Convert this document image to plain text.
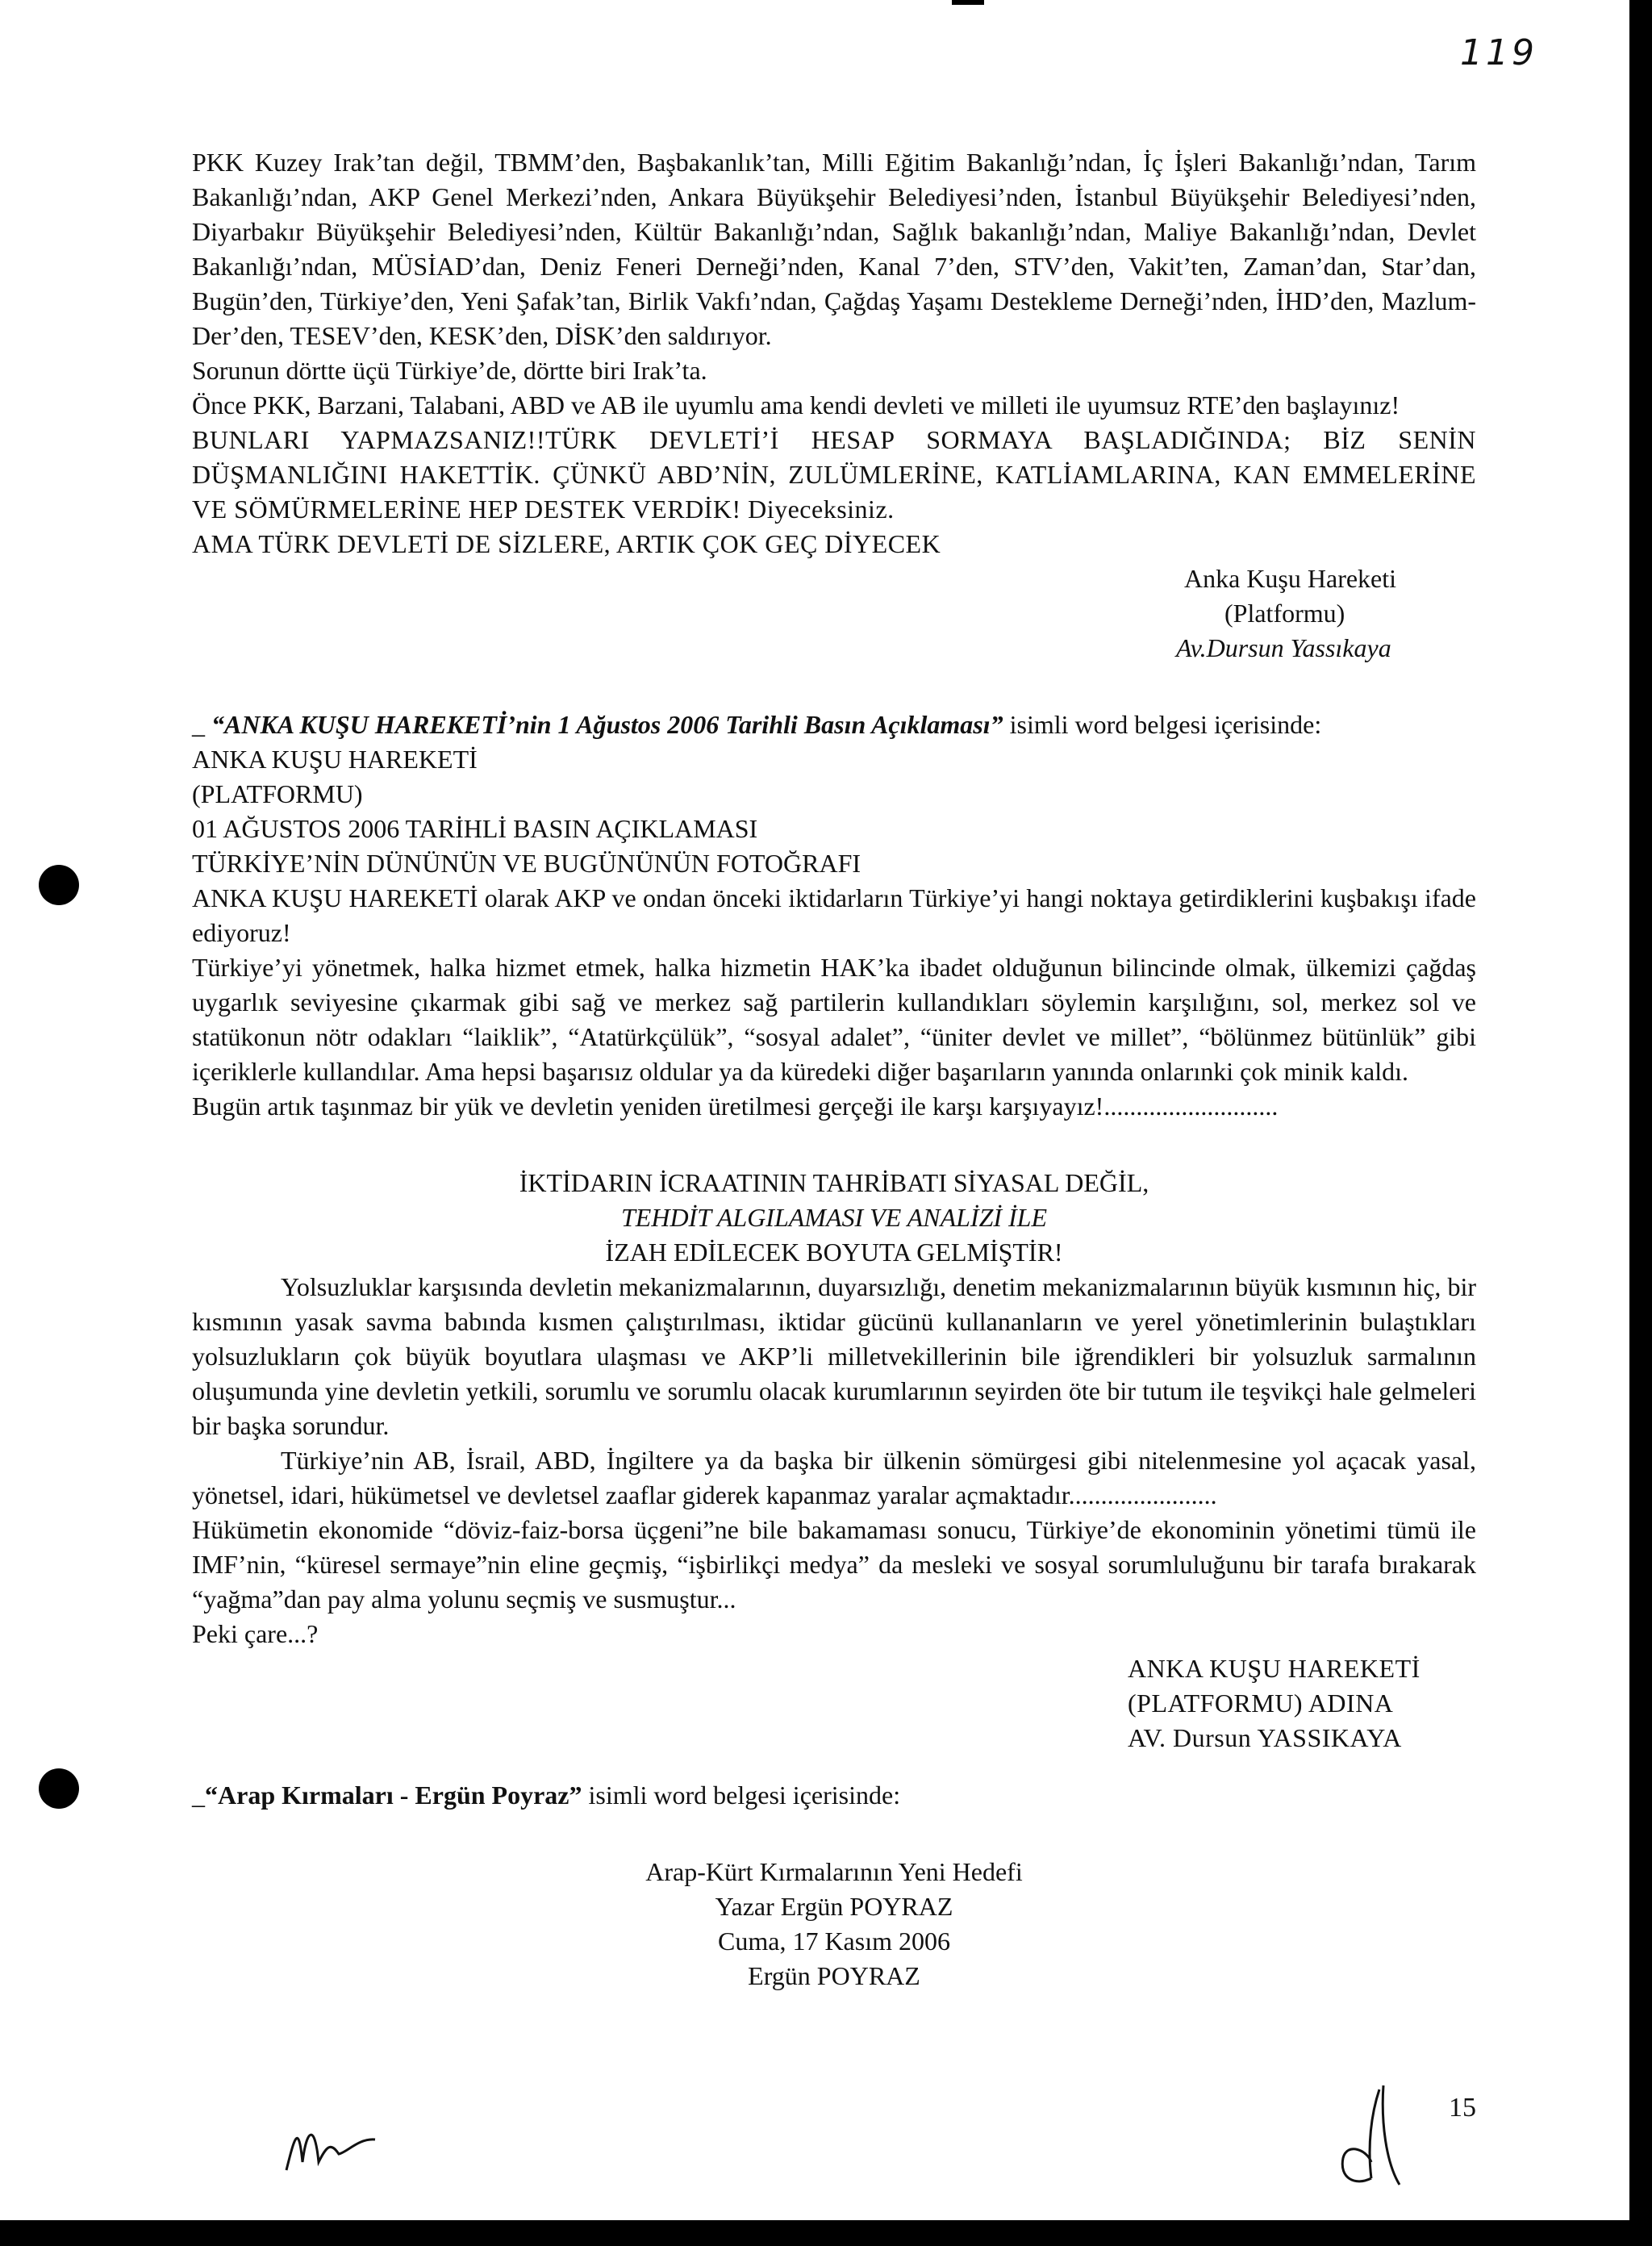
119

PKK Kuzey Irak’tan değil, TBMM’den, Başbakanlık’tan, Milli Eğitim Bakanlığı’ndan, İç İşleri Bakanlığı’ndan, Tarım Bakanlığı’ndan, AKP Genel Merkezi’nden, Ankara Büyükşehir Belediyesi’nden, İstanbul Büyükşehir Belediyesi’nden, Diyarbakır Büyükşehir Belediyesi’nden, Kültür Bakanlığı’ndan, Sağlık bakanlığı’ndan, Maliye Bakanlığı’ndan, Devlet Bakanlığı’ndan, MÜSİAD’dan, Deniz Feneri Derneği’nden, Kanal 7’den, STV’den, Vakit’ten, Zaman’dan, Star’dan, Bugün’den, Türkiye’den, Yeni Şafak’tan, Birlik Vakfı’ndan, Çağdaş Yaşamı Destekleme Derneği’nden, İHD’den, Mazlum-Der’den, TESEV’den, KESK’den, DİSK’den saldırıyor.

Sorunun dörtte üçü Türkiye’de, dörtte biri Irak’ta.

Önce PKK, Barzani, Talabani, ABD ve AB ile uyumlu ama kendi devleti ve milleti ile uyumsuz RTE’den başlayınız!

BUNLARI YAPMAZSANIZ!!TÜRK DEVLETİ’İ HESAP SORMAYA BAŞLADIĞINDA; BİZ SENİN DÜŞMANLIĞINI HAKETTİK. ÇÜNKÜ ABD’NİN, ZULÜMLERİNE, KATLİAMLARINA, KAN EMMELERİNE VE SÖMÜRMELERİNE HEP DESTEK VERDİK! Diyeceksiniz.

AMA TÜRK DEVLETİ DE SİZLERE, ARTIK ÇOK GEÇ DİYECEK

Anka Kuşu Hareketi

(Platformu)

Av.Dursun Yassıkaya

_ “ANKA KUŞU HAREKETİ’nin 1 Ağustos 2006 Tarihli Basın Açıklaması” isimli word belgesi içerisinde:

ANKA KUŞU HAREKETİ

(PLATFORMU)

01 AĞUSTOS 2006 TARİHLİ BASIN AÇIKLAMASI

TÜRKİYE’NİN DÜNÜNÜN VE BUGÜNÜNÜN FOTOĞRAFI

ANKA KUŞU HAREKETİ olarak AKP ve ondan önceki iktidarların Türkiye’yi hangi noktaya getirdiklerini kuşbakışı ifade ediyoruz!

Türkiye’yi yönetmek, halka hizmet etmek, halka hizmetin HAK’ka ibadet olduğunun bilincinde olmak, ülkemizi çağdaş uygarlık seviyesine çıkarmak gibi sağ ve merkez sağ partilerin kullandıkları söylemin karşılığını, sol, merkez sol ve statükonun nötr odakları “laiklik”, “Atatürkçülük”, “sosyal adalet”, “üniter devlet ve millet”, “bölünmez bütünlük” gibi içeriklerle kullandılar. Ama hepsi başarısız oldular ya da küredeki diğer başarıların yanında onlarınki çok minik kaldı.

Bugün artık taşınmaz bir yük ve devletin yeniden üretilmesi gerçeği ile karşı karşıyayız!...........................

İKTİDARIN İCRAATININ TAHRİBATI SİYASAL DEĞİL,

TEHDİT ALGILAMASI VE ANALİZİ İLE

İZAH EDİLECEK BOYUTA GELMİŞTİR!

Yolsuzluklar karşısında devletin mekanizmalarının, duyarsızlığı, denetim mekanizmalarının büyük kısmının hiç, bir kısmının yasak savma babında kısmen çalıştırılması, iktidar gücünü kullananların ve yerel yönetimlerinin bulaştıkları yolsuzlukların çok büyük boyutlara ulaşması ve AKP’li milletvekillerinin bile iğrendikleri bir yolsuzluk sarmalının oluşumunda yine devletin yetkili, sorumlu ve sorumlu olacak kurumlarının seyirden öte bir tutum ile teşvikçi hale gelmeleri bir başka sorundur.

Türkiye’nin AB, İsrail, ABD, İngiltere ya da başka bir ülkenin sömürgesi gibi nitelenmesine yol açacak yasal, yönetsel, idari, hükümetsel ve devletsel zaaflar giderek kapanmaz yaralar açmaktadır.......................

Hükümetin ekonomide “döviz-faiz-borsa üçgeni”ne bile bakamaması sonucu, Türkiye’de ekonominin yönetimi tümü ile IMF’nin, “küresel sermaye”nin eline geçmiş, “işbirlikçi medya” da mesleki ve sosyal sorumluluğunu bir tarafa bırakarak “yağma”dan pay alma yolunu seçmiş ve susmuştur...

Peki çare...?

ANKA KUŞU HAREKETİ

(PLATFORMU) ADINA

AV. Dursun YASSIKAYA

_“Arap Kırmaları - Ergün Poyraz” isimli word belgesi içerisinde:

Arap-Kürt Kırmalarının Yeni Hedefi

Yazar Ergün POYRAZ

Cuma, 17 Kasım 2006

Ergün POYRAZ

15
